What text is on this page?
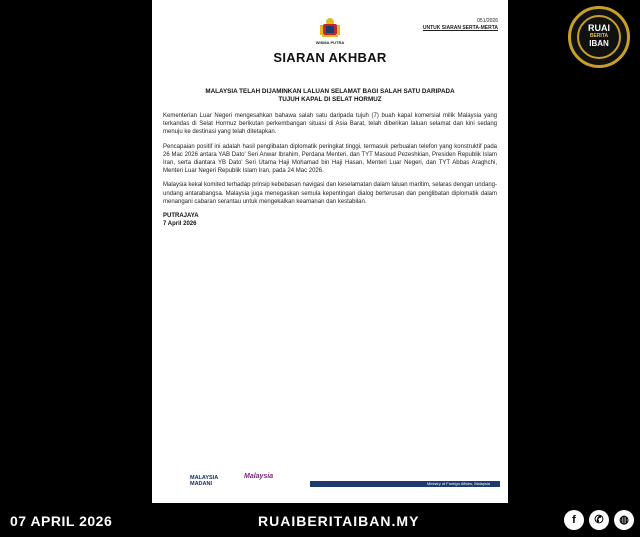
051/2026
UNTUK SIARAN SERTA-MERTA
WISMA PUTRA
SIARAN AKHBAR
MALAYSIA TELAH DIJAMINKAN LALUAN SELAMAT BAGI SALAH SATU DARIPADA
TUJUH KAPAL DI SELAT HORMUZ

Kementerian Luar Negeri mengesahkan bahawa salah satu daripada tujuh (7) buah kapal komersial milik Malaysia yang terkandas di Selat Hormuz berikutan perkembangan situasi di Asia Barat, telah diberikan laluan selamat dan kini sedang menuju ke destinasi yang telah ditetapkan.

Pencapaian positif ini adalah hasil penglibatan diplomatik peringkat tinggi, termasuk perbualan telefon yang konstruktif pada 26 Mac 2026 antara YAB Dato' Seri Anwar Ibrahim, Perdana Menteri, dan TYT Masoud Pezeshkian, Presiden Republik Islam Iran, serta diantara YB Dato' Seri Utama Haji Mohamad bin Haji Hasan, Menteri Luar Negeri, dan TYT Abbas Araghchi, Menteri Luar Negeri Republik Islam Iran, pada 24 Mac 2026.

Malaysia kekal komited terhadap prinsip kebebasan navigasi dan keselamatan dalam laluan maritim, selaras dengan undang-undang antarabangsa. Malaysia juga menegaskan semula kepentingan dialog berterusan dan penglibatan diplomatik dalam menangani cabaran serantau untuk mengekalkan keamanan dan kestabilan.

PUTRAJAYA
7 April 2026
MALAYSIA
MADANI
Malaysia
Ministry of Foreign Affairs, Malaysia
RUAI
BERITA
IBAN
07 APRIL 2026	RUAIBERITAIBAN.MY	f	✆	◍
